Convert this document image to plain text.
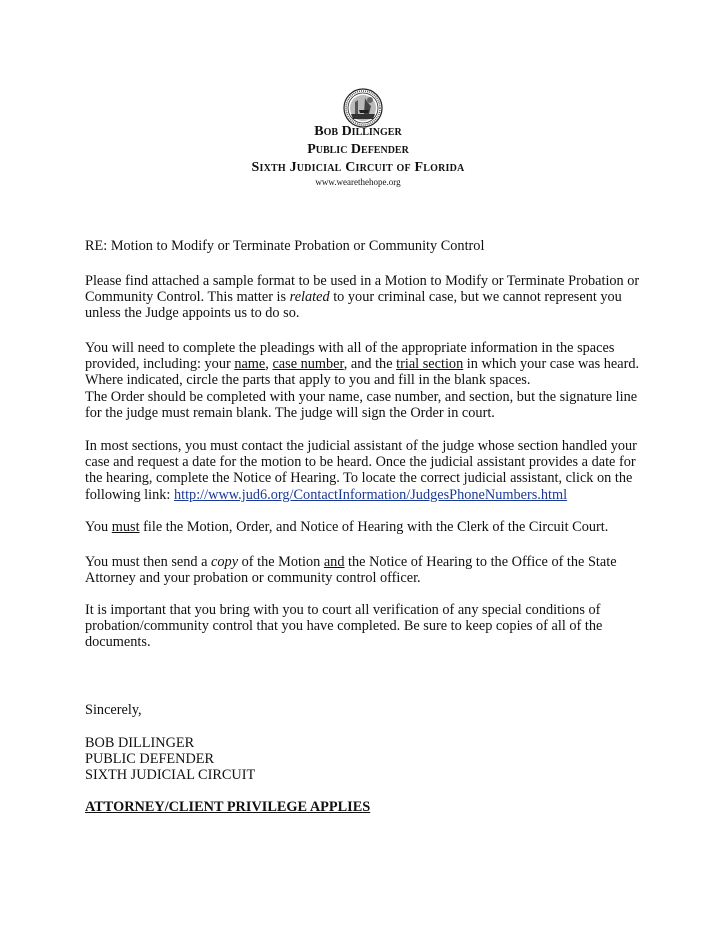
Bob Dillinger
Public Defender
Sixth Judicial Circuit of Florida
www.wearethehope.org
RE: Motion to Modify or Terminate Probation or Community Control

Please find attached a sample format to be used in a Motion to Modify or Terminate Probation or Community Control. This matter is related to your criminal case, but we cannot represent you unless the Judge appoints us to do so.

You will need to complete the pleadings with all of the appropriate information in the spaces provided, including: your name, case number, and the trial section in which your case was heard. Where indicated, circle the parts that apply to you and fill in the blank spaces.

The Order should be completed with your name, case number, and section, but the signature line for the judge must remain blank. The judge will sign the Order in court.

In most sections, you must contact the judicial assistant of the judge whose section handled your case and request a date for the motion to be heard. Once the judicial assistant provides a date for the hearing, complete the Notice of Hearing. To locate the correct judicial assistant, click on the following link: http://www.jud6.org/ContactInformation/JudgesPhoneNumbers.html

You must file the Motion, Order, and Notice of Hearing with the Clerk of the Circuit Court.

You must then send a copy of the Motion and the Notice of Hearing to the Office of the State Attorney and your probation or community control officer.

It is important that you bring with you to court all verification of any special conditions of probation/community control that you have completed. Be sure to keep copies of all of the documents.
Sincerely,

BOB DILLINGER

PUBLIC DEFENDER

SIXTH JUDICIAL CIRCUIT

ATTORNEY/CLIENT PRIVILEGE APPLIES
